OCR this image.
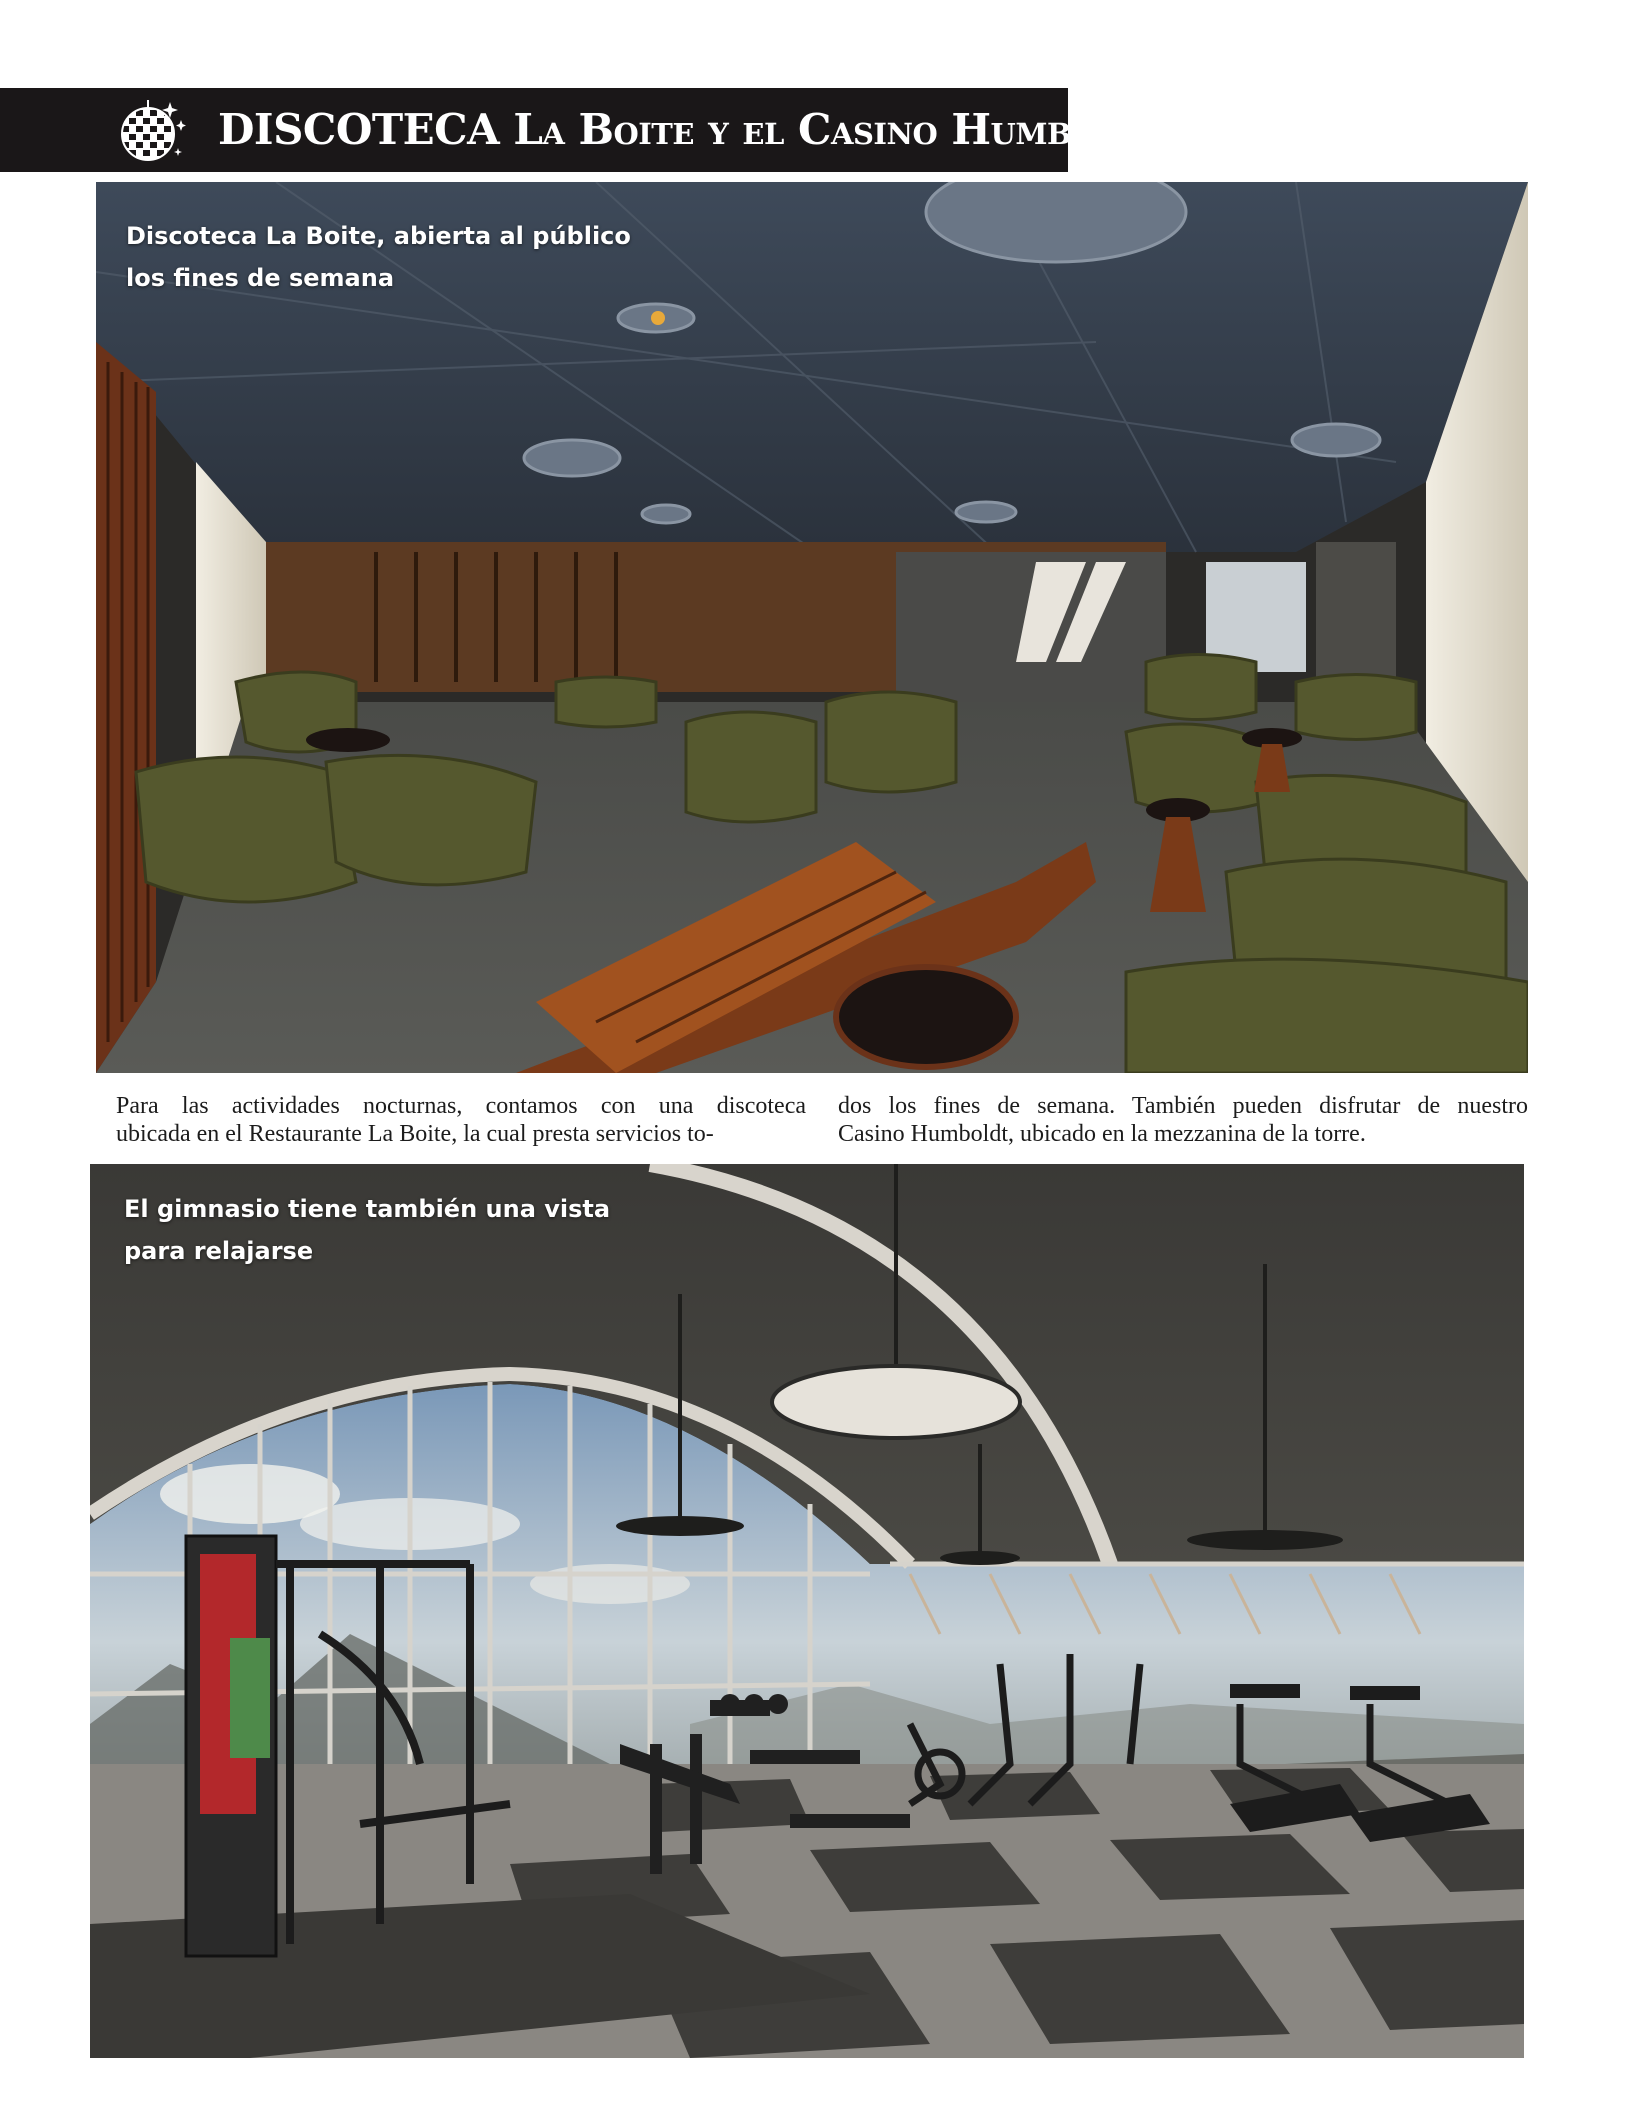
DISCOTECA La Boite y el Casino Humboldt
Discoteca La Boite, abierta al público
los fines de semana
Para las actividades nocturnas, contamos con una discoteca
ubicada en el Restaurante La Boite, la cual presta servicios to-
dos los fines de semana. También pueden disfrutar de nuestro
Casino Humboldt, ubicado en la mezzanina de la torre.
El gimnasio tiene también una vista
para relajarse
